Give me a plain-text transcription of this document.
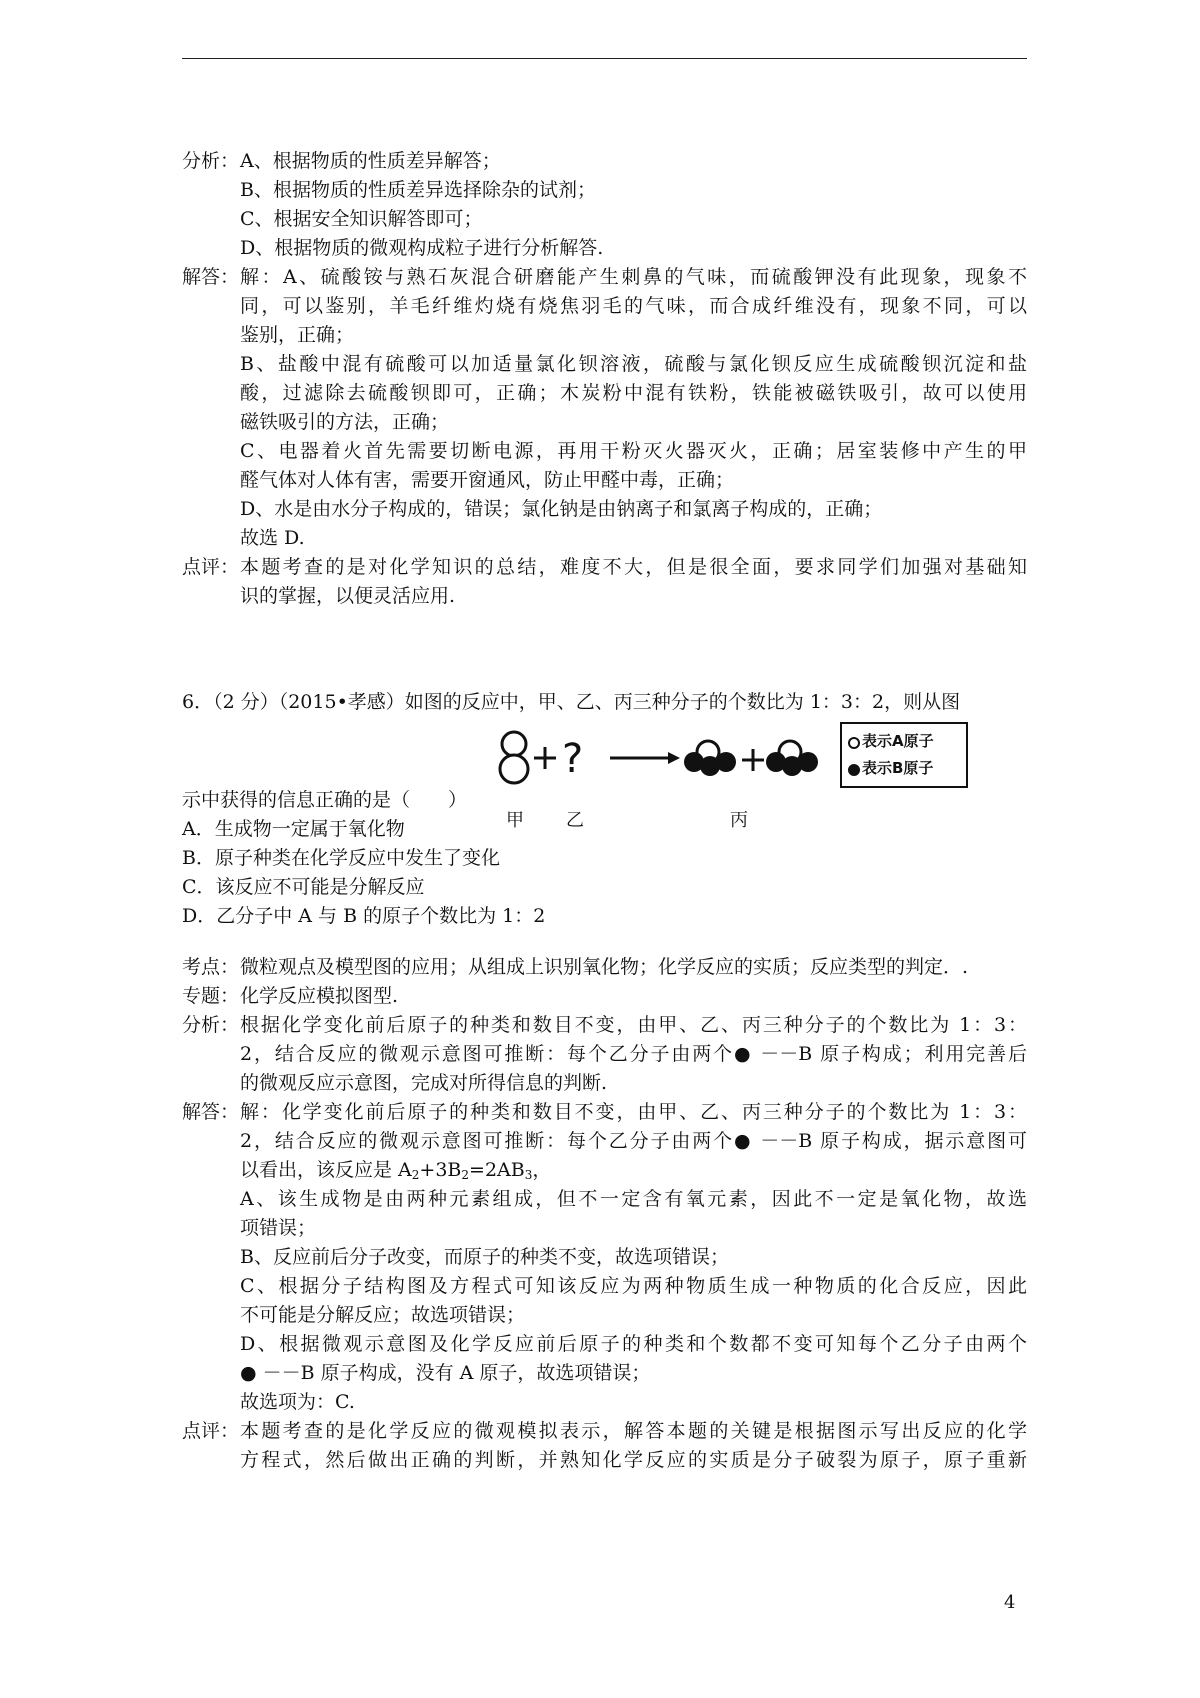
分析： A、根据物质的性质差异解答；
B、根据物质的性质差异选择除杂的试剂；
C、根据安全知识解答即可；
D、根据物质的微观构成粒子进行分析解答.
解答： 解：A、硫酸铵与熟石灰混合研磨能产生刺鼻的气味，而硫酸钾没有此现象，现象不
同，可以鉴别，羊毛纤维灼烧有烧焦羽毛的气味，而合成纤维没有，现象不同，可以
鉴别，正确；
B、盐酸中混有硫酸可以加适量氯化钡溶液，硫酸与氯化钡反应生成硫酸钡沉淀和盐
酸，过滤除去硫酸钡即可，正确；木炭粉中混有铁粉，铁能被磁铁吸引，故可以使用
磁铁吸引的方法，正确；
C、电器着火首先需要切断电源，再用干粉灭火器灭火，正确；居室装修中产生的甲
醛气体对人体有害，需要开窗通风，防止甲醛中毒，正确；
D、水是由水分子构成的，错误；氯化钠是由钠离子和氯离子构成的，正确；
故选 D.
点评： 本题考查的是对化学知识的总结，难度不大，但是很全面，要求同学们加强对基础知
识的掌握，以便灵活应用.
6．（2 分）（2015•孝感）如图的反应中，甲、乙、丙三种分子的个数比为 1：3：2，则从图
?
甲 乙	丙
表示A原子
表示B原子
示中获得的信息正确的是（　　）
A．生成物一定属于氧化物
B．原子种类在化学反应中发生了变化
C．该反应不可能是分解反应
D．乙分子中 A 与 B 的原子个数比为 1：2
考点： 微粒观点及模型图的应用；从组成上识别氧化物；化学反应的实质；反应类型的判定．.
专题： 化学反应模拟图型.
分析： 根据化学变化前后原子的种类和数目不变，由甲、乙、丙三种分子的个数比为 1：3：
2，结合反应的微观示意图可推断：每个乙分子由两个● －－B 原子构成；利用完善后
的微观反应示意图，完成对所得信息的判断.
解答： 解：化学变化前后原子的种类和数目不变，由甲、乙、丙三种分子的个数比为 1：3：
2，结合反应的微观示意图可推断：每个乙分子由两个● －－B 原子构成，据示意图可
以看出，该反应是 $A_2+3B_2=2AB_3$，
A、该生成物是由两种元素组成，但不一定含有氧元素，因此不一定是氧化物，故选
项错误；
B、反应前后分子改变，而原子的种类不变，故选项错误；
C、根据分子结构图及方程式可知该反应为两种物质生成一种物质的化合反应，因此
不可能是分解反应；故选项错误；
D、根据微观示意图及化学反应前后原子的种类和个数都不变可知每个乙分子由两个
● －－B 原子构成，没有 A 原子，故选项错误；
故选项为：C.
点评： 本题考查的是化学反应的微观模拟表示，解答本题的关键是根据图示写出反应的化学
方程式，然后做出正确的判断，并熟知化学反应的实质是分子破裂为原子，原子重新
4
